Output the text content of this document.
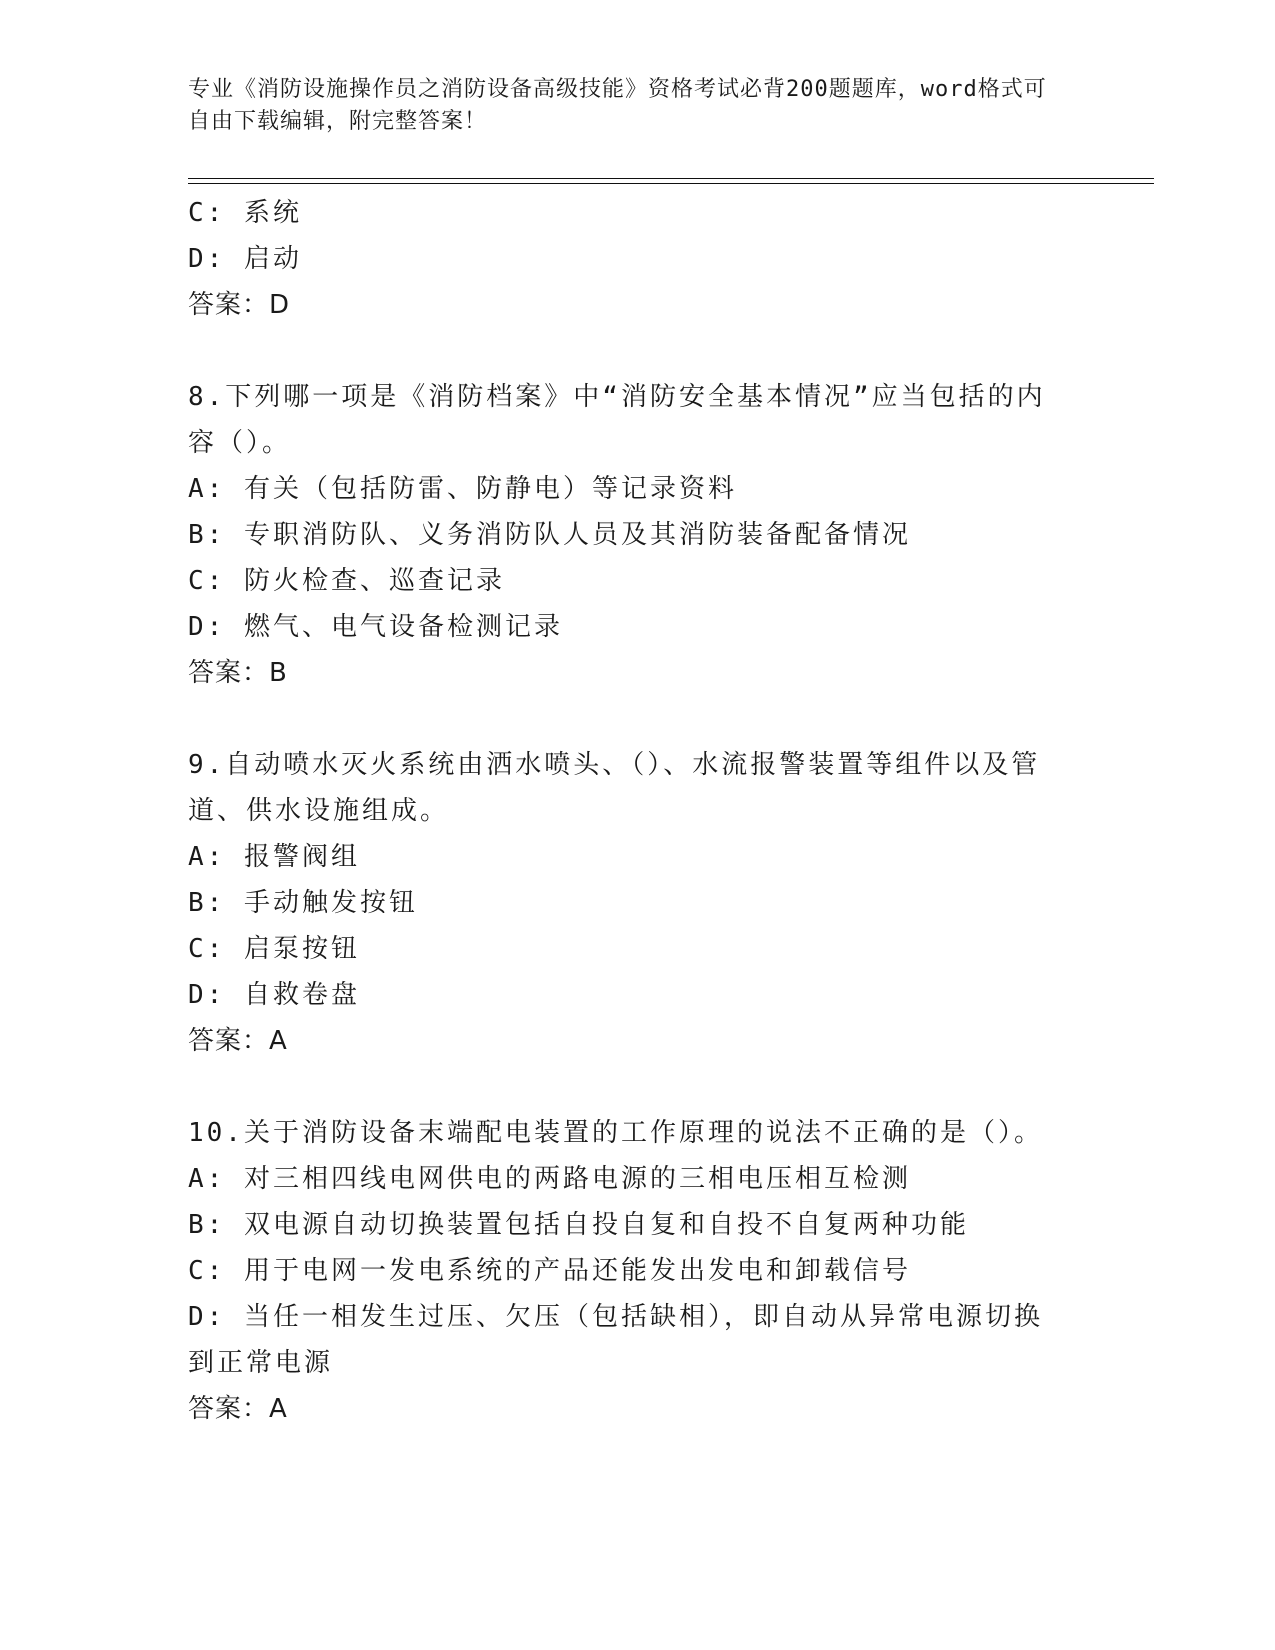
专业《消防设施操作员之消防设备高级技能》资格考试必背200题题库，word格式可自由下载编辑，附完整答案！
C: 系统
D: 启动
答案：D
8.下列哪一项是《消防档案》中“消防安全基本情况”应当包括的内容（）。
A: 有关（包括防雷、防静电）等记录资料
B: 专职消防队、义务消防队人员及其消防装备配备情况
C: 防火检查、巡查记录
D: 燃气、电气设备检测记录
答案：B
9.自动喷水灭火系统由洒水喷头、（）、水流报警装置等组件以及管道、供水设施组成。
A: 报警阀组
B: 手动触发按钮
C: 启泵按钮
D: 自救卷盘
答案：A
10.关于消防设备末端配电装置的工作原理的说法不正确的是（）。
A: 对三相四线电网供电的两路电源的三相电压相互检测
B: 双电源自动切换装置包括自投自复和自投不自复两种功能
C: 用于电网一发电系统的产品还能发出发电和卸载信号
D: 当任一相发生过压、欠压（包括缺相），即自动从异常电源切换到正常电源
答案：A
